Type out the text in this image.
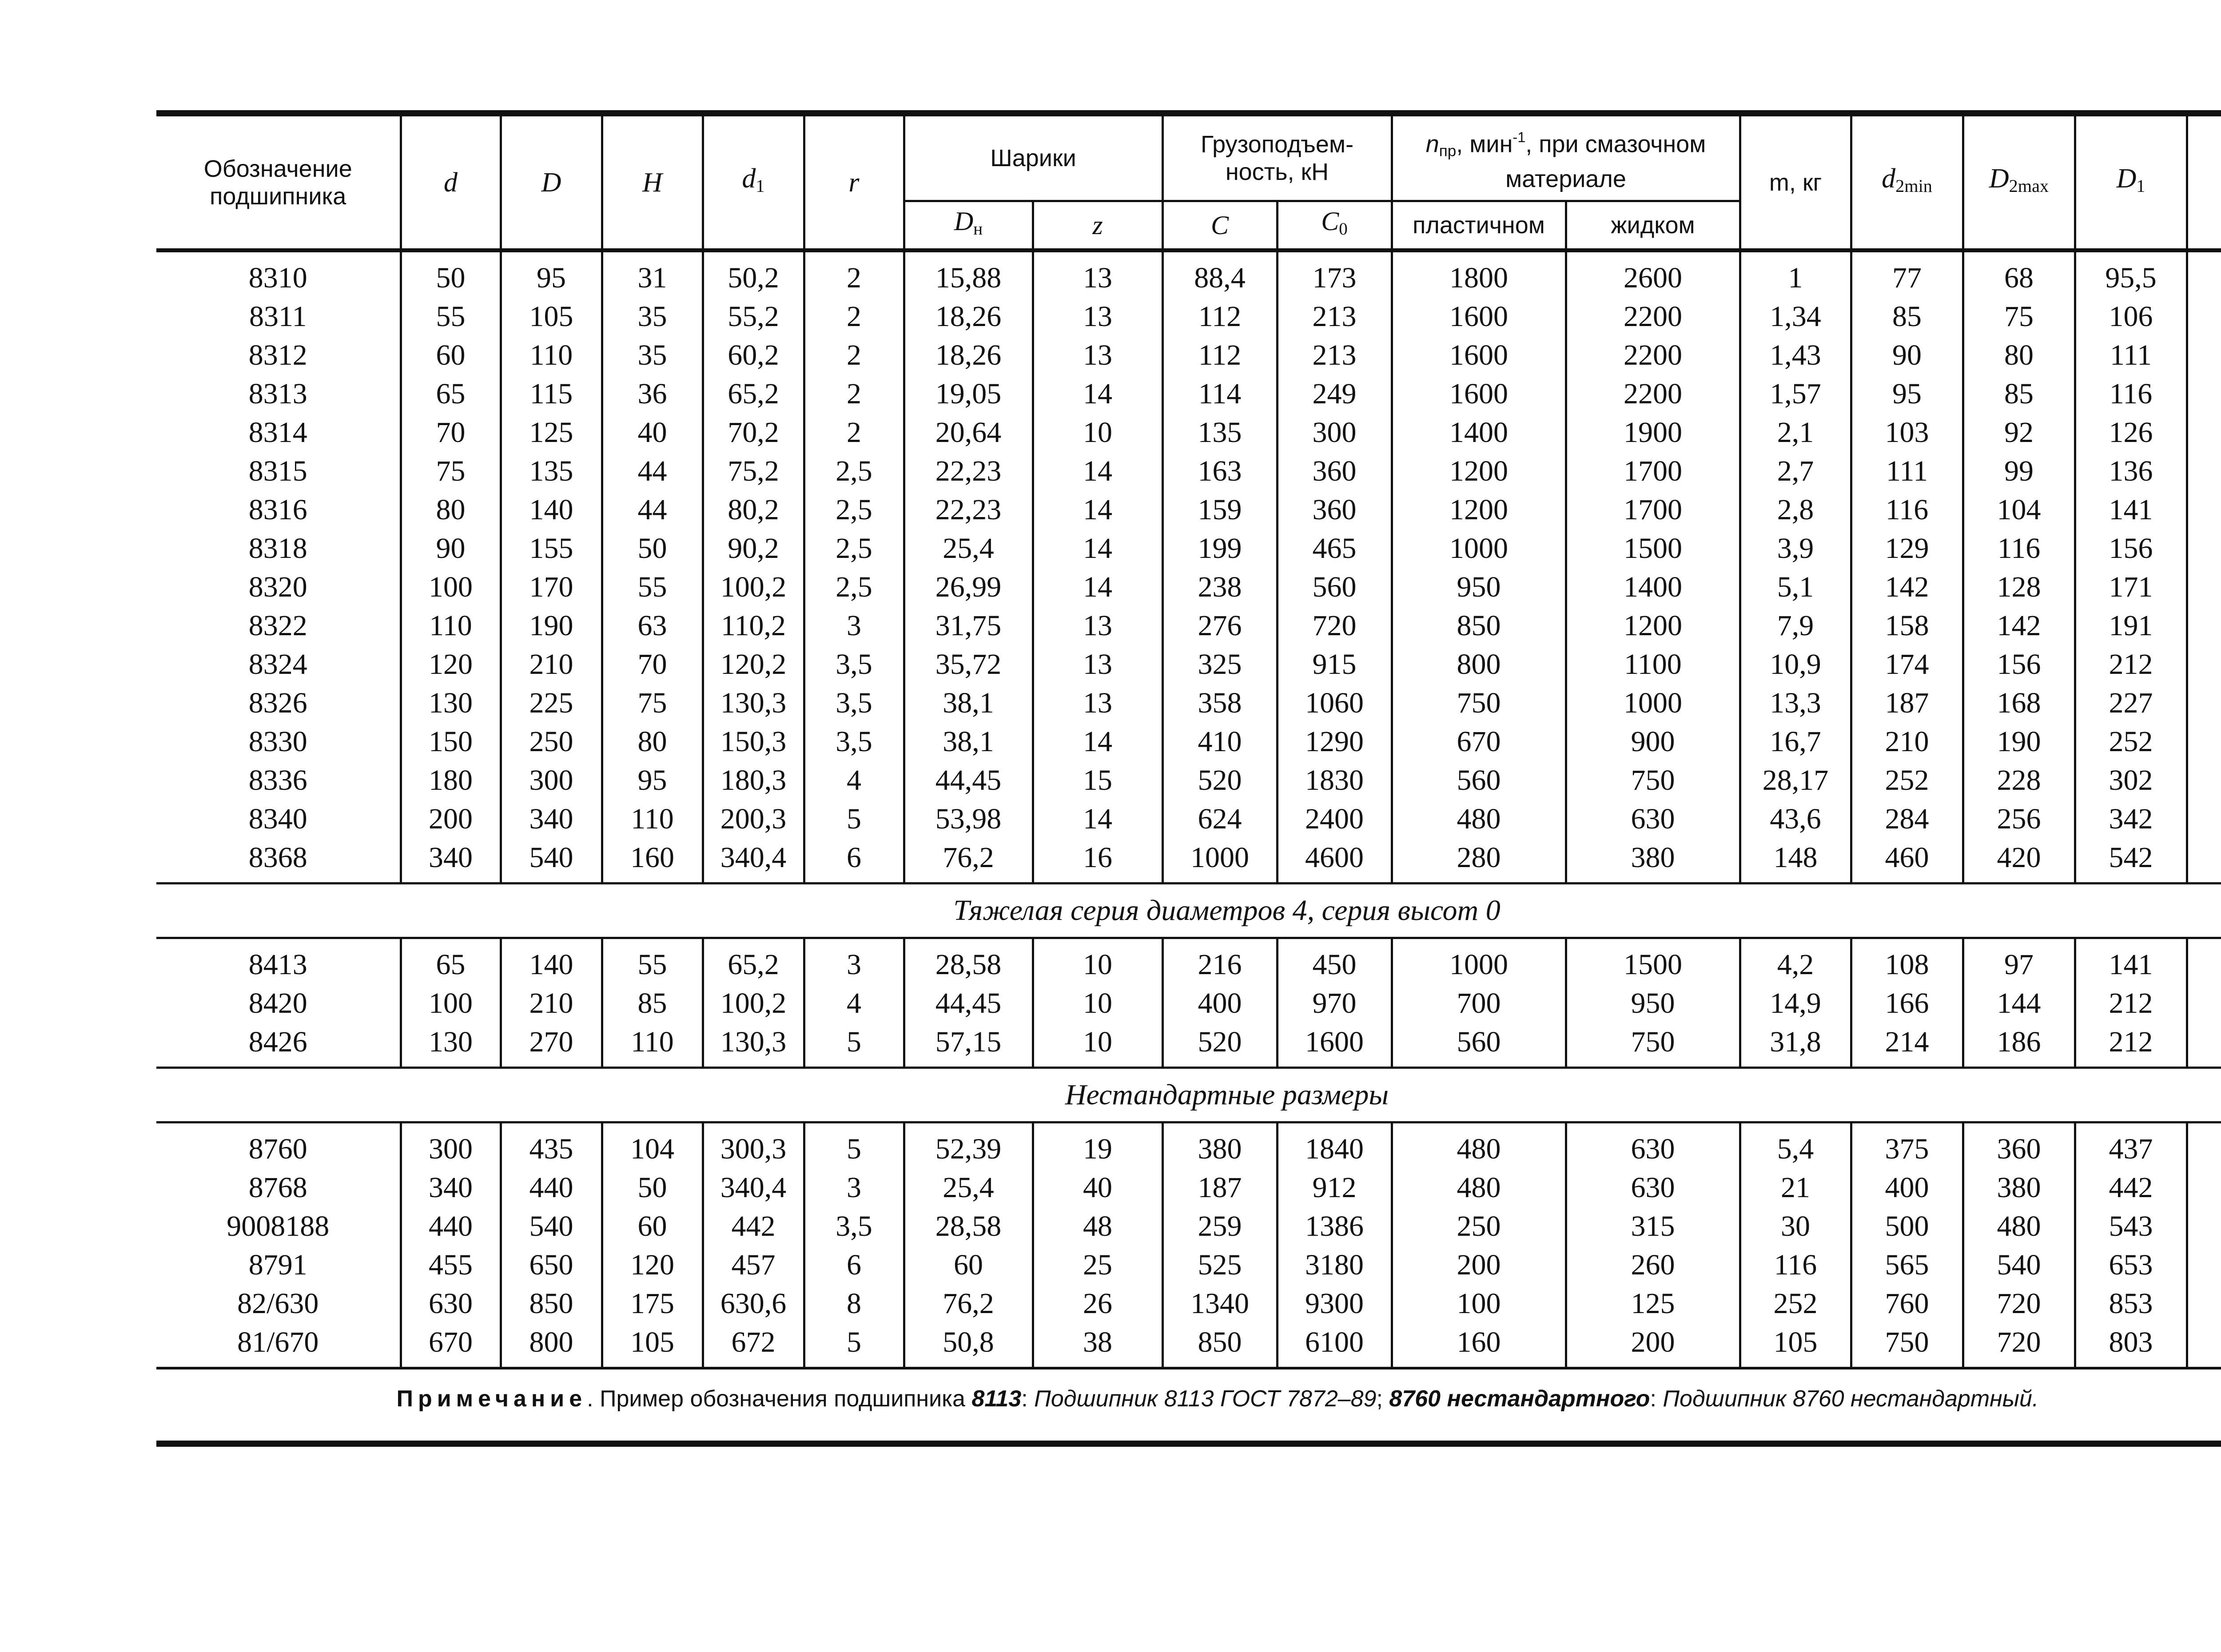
Обозначение подшипника	d	D	H	$d_1$	r	Шарики		Грузоподъем-ность, кН		$n_{пр}$, мин$^{-1}$, при смазочном материале		m, кг	$d_{2min}$	$D_{2max}$	$D_1$	
						$D_н$	z	C	$C_0$	пластичном	жидком					

8310	50	95	31	50,2	2	15,88	13	88,4	173	1800	2600	1	77	68	95,5	
8311	55	105	35	55,2	2	18,26	13	112	213	1600	2200	1,34	85	75	106	
8312	60	110	35	60,2	2	18,26	13	112	213	1600	2200	1,43	90	80	111	
8313	65	115	36	65,2	2	19,05	14	114	249	1600	2200	1,57	95	85	116	
8314	70	125	40	70,2	2	20,64	10	135	300	1400	1900	2,1	103	92	126	
8315	75	135	44	75,2	2,5	22,23	14	163	360	1200	1700	2,7	111	99	136	
8316	80	140	44	80,2	2,5	22,23	14	159	360	1200	1700	2,8	116	104	141	
8318	90	155	50	90,2	2,5	25,4	14	199	465	1000	1500	3,9	129	116	156	
8320	100	170	55	100,2	2,5	26,99	14	238	560	950	1400	5,1	142	128	171	
8322	110	190	63	110,2	3	31,75	13	276	720	850	1200	7,9	158	142	191	
8324	120	210	70	120,2	3,5	35,72	13	325	915	800	1100	10,9	174	156	212	
8326	130	225	75	130,3	3,5	38,1	13	358	1060	750	1000	13,3	187	168	227	
8330	150	250	80	150,3	3,5	38,1	14	410	1290	670	900	16,7	210	190	252	
8336	180	300	95	180,3	4	44,45	15	520	1830	560	750	28,17	252	228	302	
8340	200	340	110	200,3	5	53,98	14	624	2400	480	630	43,6	284	256	342	
8368	340	540	160	340,4	6	76,2	16	1000	4600	280	380	148	460	420	542	
Тяжелая серия диаметров 4, серия высот 0																
8413	65	140	55	65,2	3	28,58	10	216	450	1000	1500	4,2	108	97	141	
8420	100	210	85	100,2	4	44,45	10	400	970	700	950	14,9	166	144	212	
8426	130	270	110	130,3	5	57,15	10	520	1600	560	750	31,8	214	186	212	
Нестандартные размеры																
8760	300	435	104	300,3	5	52,39	19	380	1840	480	630	5,4	375	360	437	
8768	340	440	50	340,4	3	25,4	40	187	912	480	630	21	400	380	442	
9008188	440	540	60	442	3,5	28,58	48	259	1386	250	315	30	500	480	543	
8791	455	650	120	457	6	60	25	525	3180	200	260	116	565	540	653	
82/630	630	850	175	630,6	8	76,2	26	1340	9300	100	125	252	760	720	853	
81/670	670	800	105	672	5	50,8	38	850	6100	160	200	105	750	720	803	
Примечание. Пример обозначения подшипника 8113: Подшипник 8113 ГОСТ 7872–89; 8760 нестандартного: Подшипник 8760 нестандартный.
